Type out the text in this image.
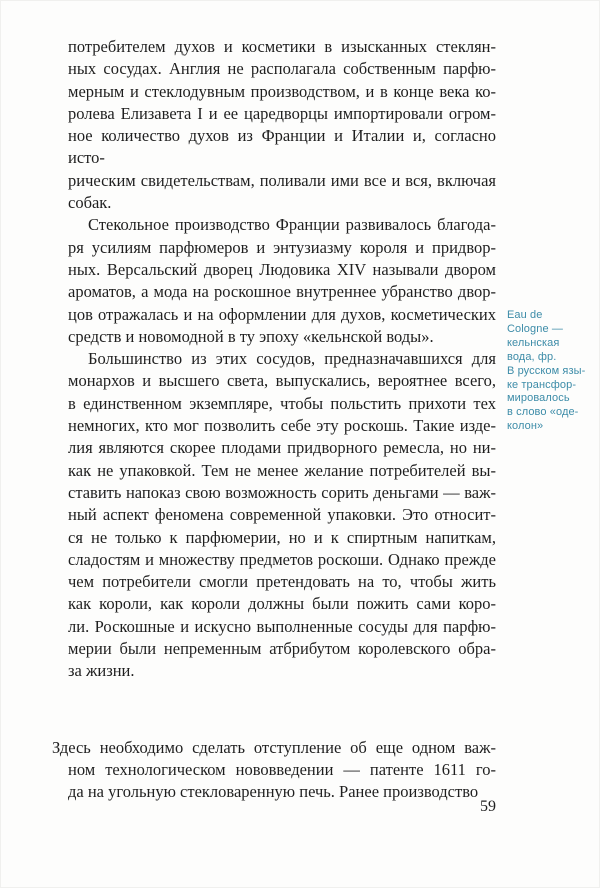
потребителем духов и косметики в изысканных стеклян-
ных сосудах. Англия не располагала собственным парфю-
мерным и стеклодувным производством, и в конце века ко-
ролева Елизавета I и ее царедворцы импортировали огром-
ное количество духов из Франции и Италии и, согласно исто-
рическим свидетельствам, поливали ими все и вся, включая
собак.
Стекольное производство Франции развивалось благода-
ря усилиям парфюмеров и энтузиазму короля и придвор-
ных. Версальский дворец Людовика XIV называли двором
ароматов, а мода на роскошное внутреннее убранство двор-
цов отражалась и на оформлении для духов, косметических
средств и новомодной в ту эпоху «кельнской воды».
Большинство из этих сосудов, предназначавшихся для
монархов и высшего света, выпускались, вероятнее всего,
в единственном экземпляре, чтобы польстить прихоти тех
немногих, кто мог позволить себе эту роскошь. Такие изде-
лия являются скорее плодами придворного ремесла, но ни-
как не упаковкой. Тем не менее желание потребителей вы-
ставить напоказ свою возможность сорить деньгами — важ-
ный аспект феномена современной упаковки. Это относит-
ся не только к парфюмерии, но и к спиртным напиткам,
сладостям и множеству предметов роскоши. Однако прежде
чем потребители смогли претендовать на то, чтобы жить
как короли, как короли должны были пожить сами коро-
ли. Роскошные и искусно выполненные сосуды для парфю-
мерии были непременным атбрибутом королевского обра-
за жизни.
Здесь необходимо сделать отступление об еще одном важ-
ном технологическом нововведении — патенте 1611 го-
да на угольную стекловаренную печь. Ранее производство
Eau de
Cologne —
кельнская
вода, фр.
В русском язы-
ке трансфор-
мировалось
в слово «оде-
колон»
59
